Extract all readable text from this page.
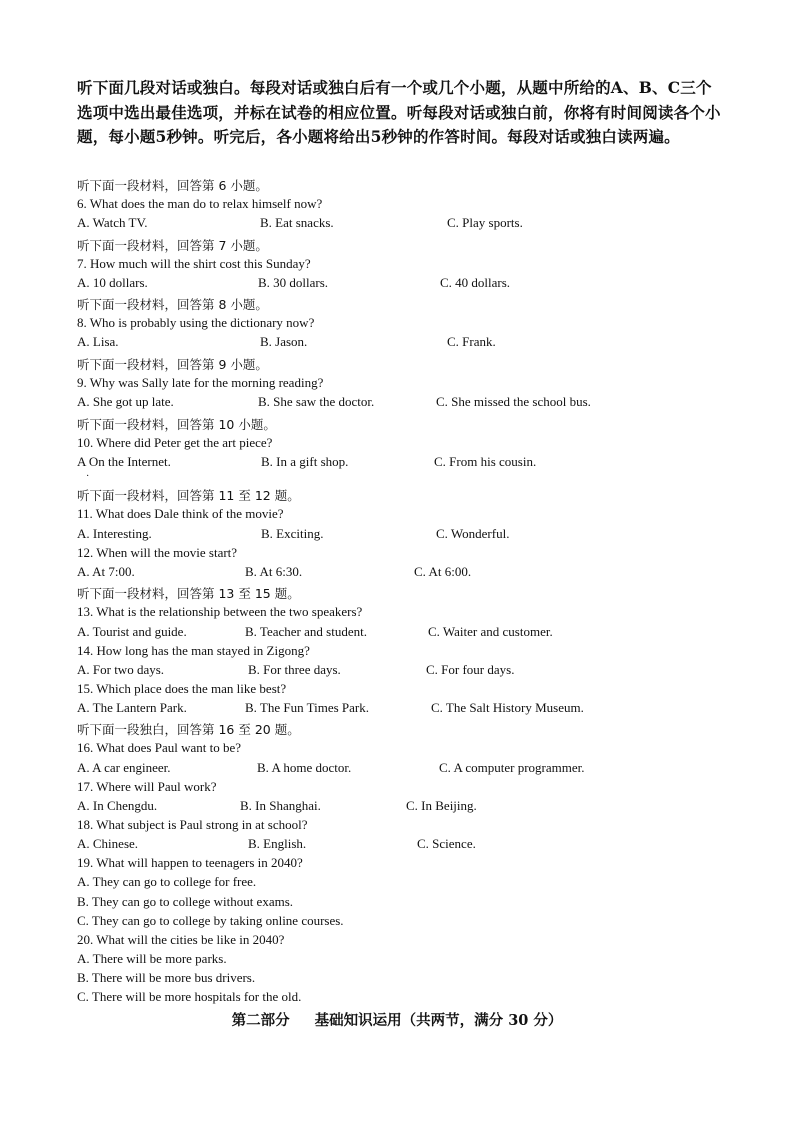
听下面几段对话或独白。每段对话或独白后有一个或几个小题，从题中所给的A、B、C三个选项中选出最佳选项，并标在试卷的相应位置。听每段对话或独白前，你将有时间阅读各个小题，每小题5秒钟。听完后，各小题将给出5秒钟的作答时间。每段对话或独白读两遍。
听下面一段材料，回答第 6 小题。
6. What does the man do to relax himself now?
A. Watch TV.	B. Eat snacks.	C. Play sports.
听下面一段材料，回答第 7 小题。
7. How much will the shirt cost this Sunday?
A. 10 dollars.	B. 30 dollars.	C. 40 dollars.
听下面一段材料，回答第 8 小题。
8. Who is probably using the dictionary now?
A. Lisa.	B. Jason.	C. Frank.
听下面一段材料，回答第 9 小题。
9. Why was Sally late for the morning reading?
A. She got up late.	B. She saw the doctor.	C. She missed the school bus.
听下面一段材料，回答第 10 小题。
10. Where did Peter get the art piece?
A On the Internet.	B. In a gift shop.	C. From his cousin.
·
听下面一段材料，回答第 11 至 12 题。
11. What does Dale think of the movie?
A. Interesting.	B. Exciting.	C. Wonderful.
12. When will the movie start?
A. At 7:00.	B. At 6:30.	C. At 6:00.
听下面一段材料，回答第 13 至 15 题。
13. What is the relationship between the two speakers?
A. Tourist and guide.	B. Teacher and student.	C. Waiter and customer.
14. How long has the man stayed in Zigong?
A. For two days.	B. For three days.	C. For four days.
15. Which place does the man like best?
A. The Lantern Park.	B. The Fun Times Park.	C. The Salt History Museum.
听下面一段独白，回答第 16 至 20 题。
16. What does Paul want to be?
A. A car engineer.	B. A home doctor.	C. A computer programmer.
17. Where will Paul work?
A. In Chengdu.	B. In Shanghai.	C. In Beijing.
18. What subject is Paul strong in at school?
A. Chinese.	B. English.	C. Science.
19. What will happen to teenagers in 2040?
A. They can go to college for free.
B. They can go to college without exams.
C. They can go to college by taking online courses.
20. What will the cities be like in 2040?
A. There will be more parks.
B. There will be more bus drivers.
C. There will be more hospitals for the old.
第二部分 基础知识运用（共两节，满分 30 分）
